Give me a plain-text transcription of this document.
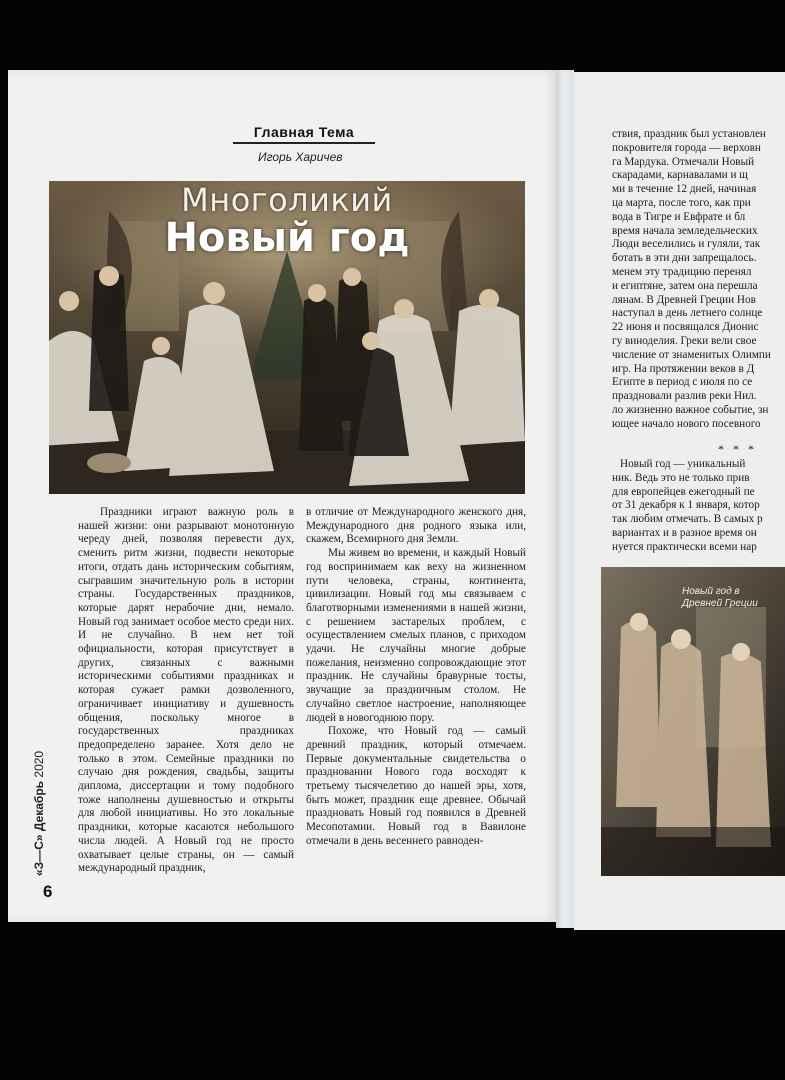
Главная Тема
Игорь Харичев
Многоликий
Новый год

Праздники играют важную роль в нашей жизни: они разрывают монотонную череду дней, позволяя перевести дух, сменить ритм жизни, подвести некоторые итоги, отдать дань историческим событиям, сыгравшим значительную роль в истории страны. Государственных праздников, которые дарят нерабочие дни, немало. Новый год занимает особое место среди них. И не случайно. В нем нет той официальности, которая присутствует в других, связанных с важными историческими событиями праздниках и которая сужает рамки дозволенного, ограничивает инициативу и душевность общения, поскольку многое в государственных праздниках предопределено заранее. Хотя дело не только в этом. Семейные праздники по случаю дня рождения, свадьбы, защиты диплома, диссертации и тому подобного тоже наполнены душевностью и открыты для любой инициативы. Но это локальные праздники, которые касаются небольшого числа людей. А Новый год не просто охватывает целые страны, он — самый международный праздник,

в отличие от Международного женского дня, Международного дня родного языка или, скажем, Всемирного дня Земли.

Мы живем во времени, и каждый Новый год воспринимаем как веху на жизненном пути человека, страны, континента, цивилизации. Новый год мы связываем с благотворными изменениями в нашей жизни, с решением застарелых проблем, с осуществлением смелых планов, с приходом удачи. Не случайны многие добрые пожелания, неизменно сопровождающие этот праздник. Не случайны бравурные тосты, звучащие за праздничным столом. Не случайно светлое настроение, наполняющее людей в новогоднюю пору.

Похоже, что Новый год — самый древний праздник, который отмечаем. Первые документальные свидетельства о праздновании Нового года восходят к третьему тысячелетию до нашей эры, хотя, быть может, праздник еще древнее. Обычай праздновать Новый год появился в Древней Месопотамии. Новый год в Вавилоне отмечали в день весеннего равноден-

«З—С» Декабрь 2020
6
ствия, праздник был установлен
покровителя города — верховн
га Мардука. Отмечали Новый
скарадами, карнавалами и щ
ми в течение 12 дней, начиная
ца марта, после того, как при
вода в Тигре и Евфрате и бл
время начала земледельческих
Люди веселились и гуляли, так
ботать в эти дни запрещалось.
менем эту традицию перенял
и египтяне, затем она перешла
лянам. В Древней Греции Нов
наступал в день летнего солнце
22 июня и посвящался Дионис
гу виноделия. Греки вели свое
числение от знаменитых Олимпи
игр. На протяжении веков в Д
Египте в период с июля по се
праздновали разлив реки Нил.
ло жизненно важное событие, зн
ющее начало нового посевного
* * *
Новый год — уникальный
ник. Ведь это не только прив
для европейцев ежегодный пе
от 31 декабря к 1 января, котор
так любим отмечать. В самых р
вариантах и в разное время он
нуется практически всеми нар
Новый год в Древней Греции
